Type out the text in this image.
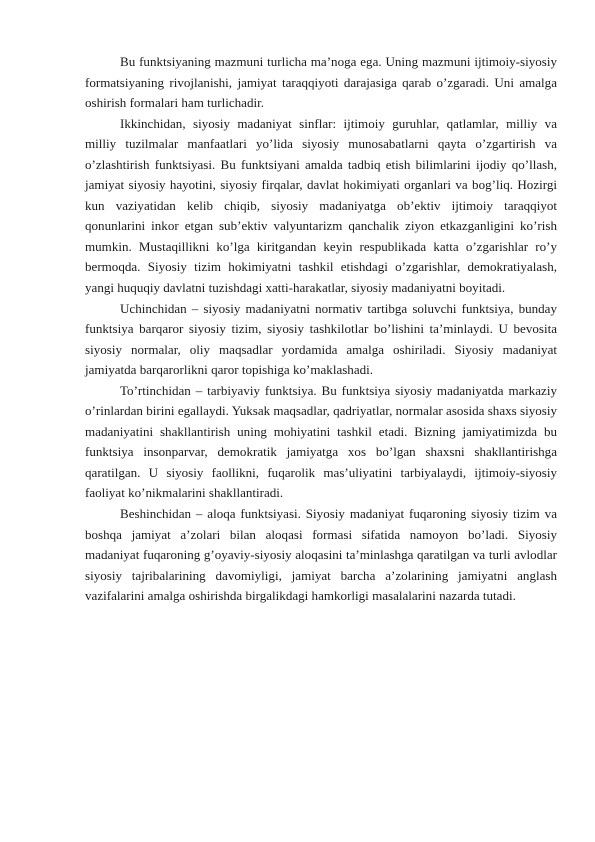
Bu funktsiyaning mazmuni turlicha ma’noga ega. Uning mazmuni ijtimoiy-siyosiy formatsiyaning rivojlanishi, jamiyat taraqqiyoti darajasiga qarab o’zgaradi. Uni amalga oshirish formalari ham turlichadir.

Ikkinchidan, siyosiy madaniyat sinflar: ijtimoiy guruhlar, qatlamlar, milliy va milliy tuzilmalar manfaatlari yo’lida siyosiy munosabatlarni qayta o’zgartirish va o’zlashtirish funktsiyasi. Bu funktsiyani amalda tadbiq etish bilimlarini ijodiy qo’llash, jamiyat siyosiy hayotini, siyosiy firqalar, davlat hokimiyati organlari va bog’liq. Hozirgi kun vaziyatidan kelib chiqib, siyosiy madaniyatga ob’ektiv ijtimoiy taraqqiyot qonunlarini inkor etgan sub’ektiv valyuntarizm qanchalik ziyon etkazganligini ko’rish mumkin. Mustaqillikni ko’lga kiritgandan keyin respublikada katta o’zgarishlar ro’y bermoqda. Siyosiy tizim hokimiyatni tashkil etishdagi o’zgarishlar, demokratiyalash, yangi huquqiy davlatni tuzishdagi xatti-harakatlar, siyosiy madaniyatni boyitadi.

Uchinchidan – siyosiy madaniyatni normativ tartibga soluvchi funktsiya, bunday funktsiya barqaror siyosiy tizim, siyosiy tashkilotlar bo’lishini ta’minlaydi. U bevosita siyosiy normalar, oliy maqsadlar yordamida amalga oshiriladi. Siyosiy madaniyat jamiyatda barqarorlikni qaror topishiga ko’maklashadi.

To’rtinchidan – tarbiyaviy funktsiya. Bu funktsiya siyosiy madaniyatda markaziy o’rinlardan birini egallaydi. Yuksak maqsadlar, qadriyatlar, normalar asosida shaxs siyosiy madaniyatini shakllantirish uning mohiyatini tashkil etadi. Bizning jamiyatimizda bu funktsiya insonparvar, demokratik jamiyatga xos bo’lgan shaxsni shakllantirishga qaratilgan. U siyosiy faollikni, fuqarolik mas’uliyatini tarbiyalaydi, ijtimoiy-siyosiy faoliyat ko’nikmalarini shakllantiradi.

Beshinchidan – aloqa funktsiyasi. Siyosiy madaniyat fuqaroning siyosiy tizim va boshqa jamiyat a’zolari bilan aloqasi formasi sifatida namoyon bo’ladi. Siyosiy madaniyat fuqaroning g’oyaviy-siyosiy aloqasini ta’minlashga qaratilgan va turli avlodlar siyosiy tajribalarining davomiyligi, jamiyat barcha a’zolarining jamiyatni anglash vazifalarini amalga oshirishda birgalikdagi hamkorligi masalalarini nazarda tutadi.
